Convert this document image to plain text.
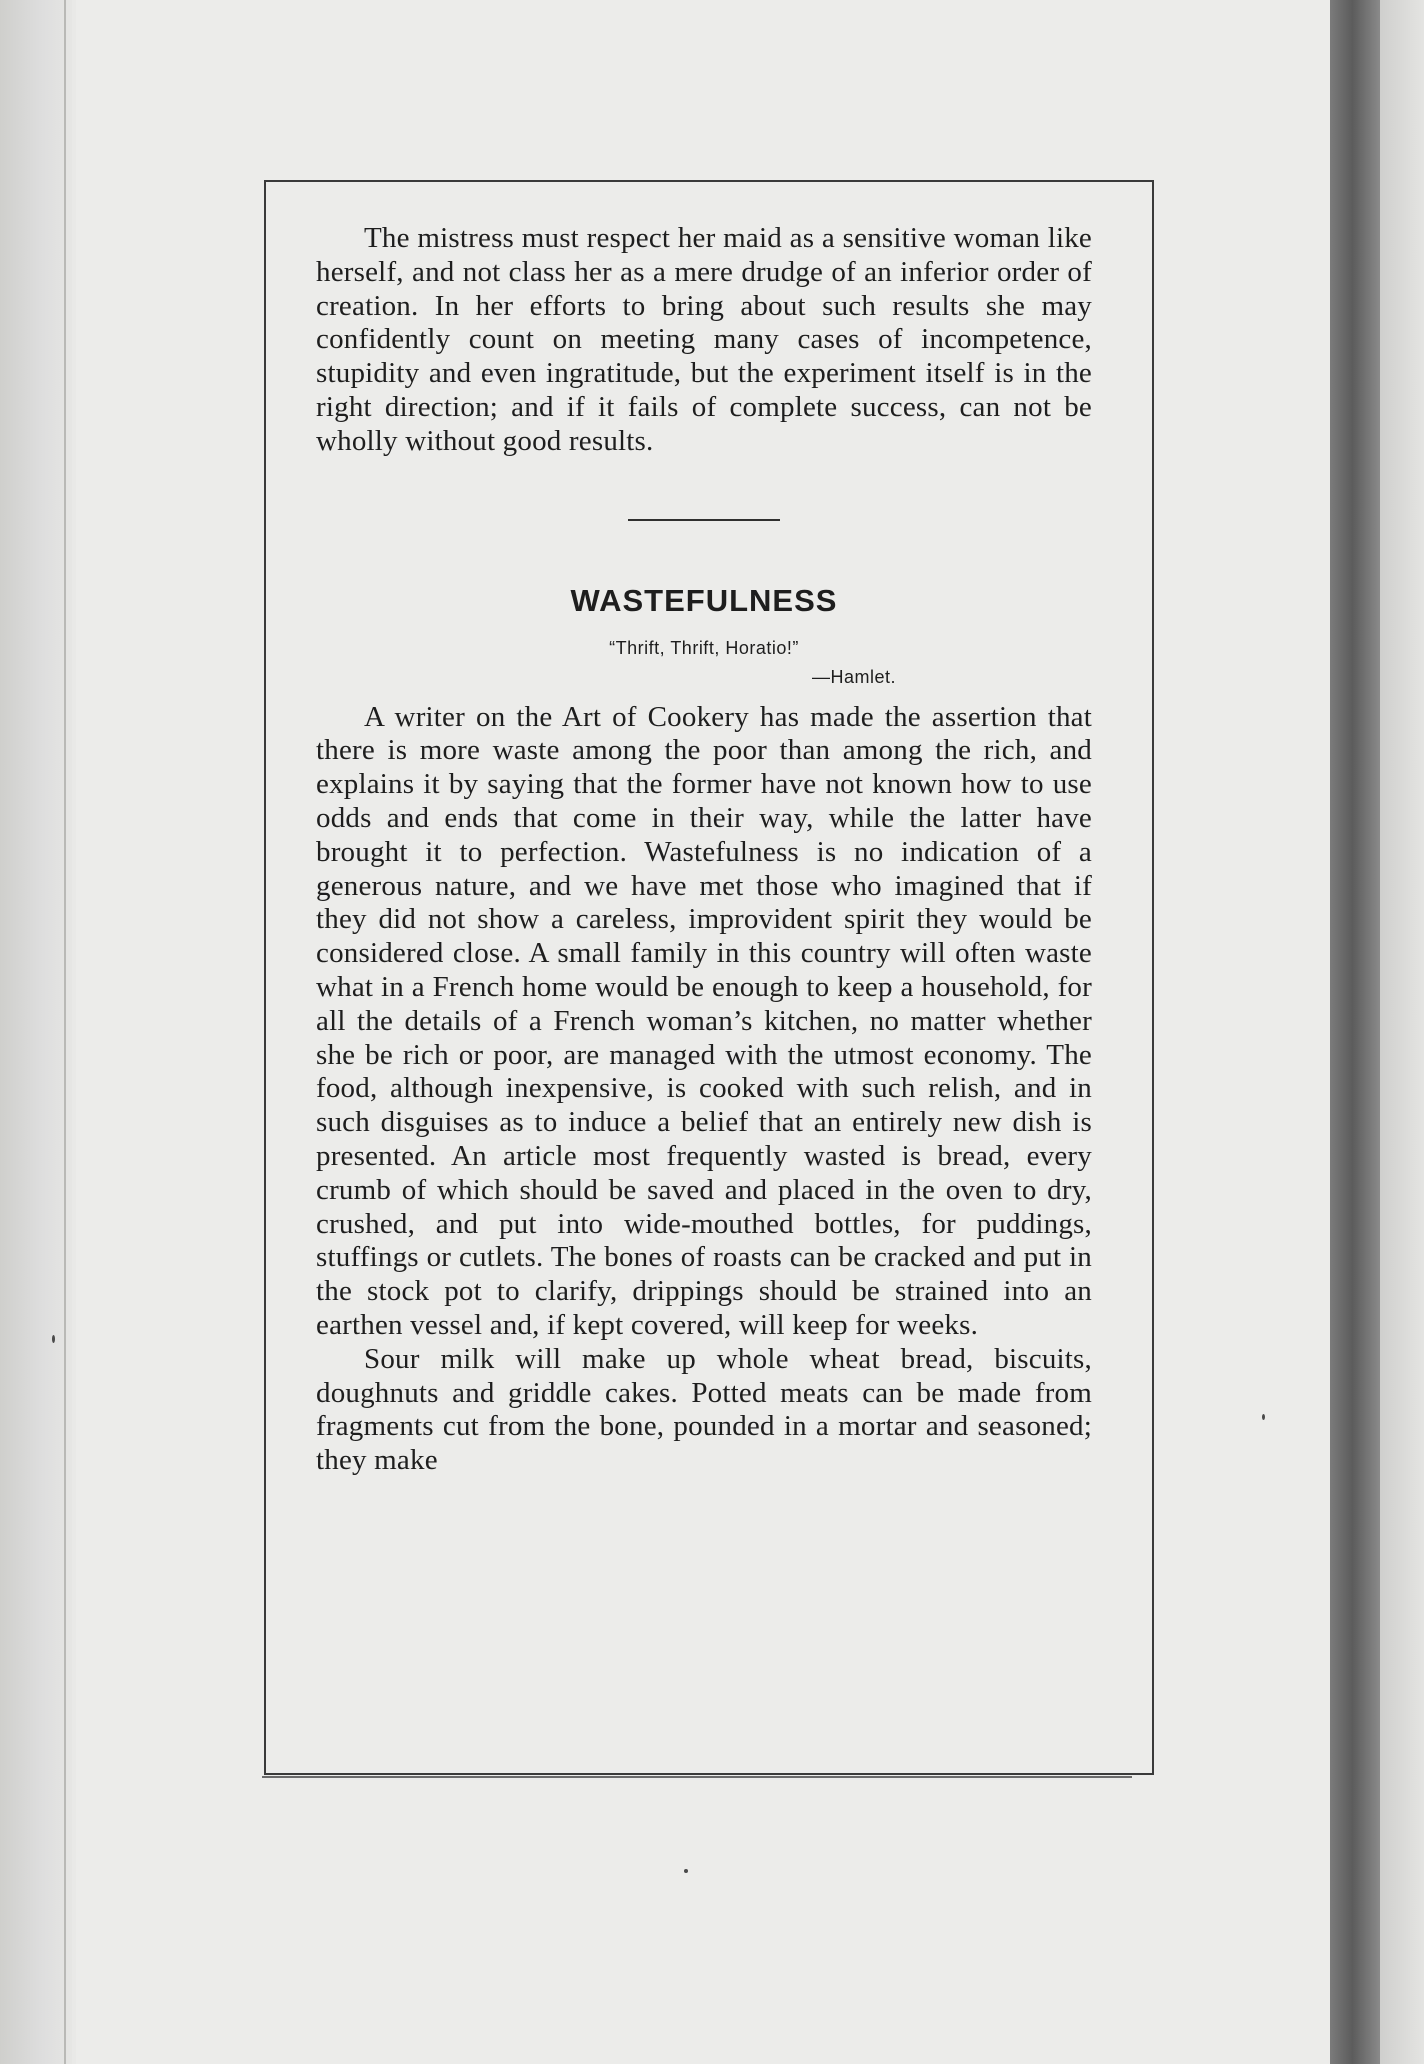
The mistress must respect her maid as a sensitive woman like herself, and not class her as a mere drudge of an inferior order of creation. In her efforts to bring about such results she may confidently count on meeting many cases of incompetence, stupidity and even ingratitude, but the experiment itself is in the right direction; and if it fails of complete success, can not be wholly without good results.

WASTEFULNESS
“Thrift, Thrift, Horatio!”
—Hamlet.

A writer on the Art of Cookery has made the assertion that there is more waste among the poor than among the rich, and explains it by saying that the former have not known how to use odds and ends that come in their way, while the latter have brought it to perfection. Wastefulness is no indication of a generous nature, and we have met those who imagined that if they did not show a careless, improvident spirit they would be considered close. A small family in this country will often waste what in a French home would be enough to keep a household, for all the details of a French woman’s kitchen, no matter whether she be rich or poor, are managed with the utmost economy. The food, although inexpensive, is cooked with such relish, and in such disguises as to induce a belief that an entirely new dish is presented. An article most frequently wasted is bread, every crumb of which should be saved and placed in the oven to dry, crushed, and put into wide-mouthed bottles, for puddings, stuffings or cutlets. The bones of roasts can be cracked and put in the stock pot to clarify, drippings should be strained into an earthen vessel and, if kept covered, will keep for weeks.

Sour milk will make up whole wheat bread, biscuits, doughnuts and griddle cakes. Potted meats can be made from fragments cut from the bone, pounded in a mortar and seasoned; they make
